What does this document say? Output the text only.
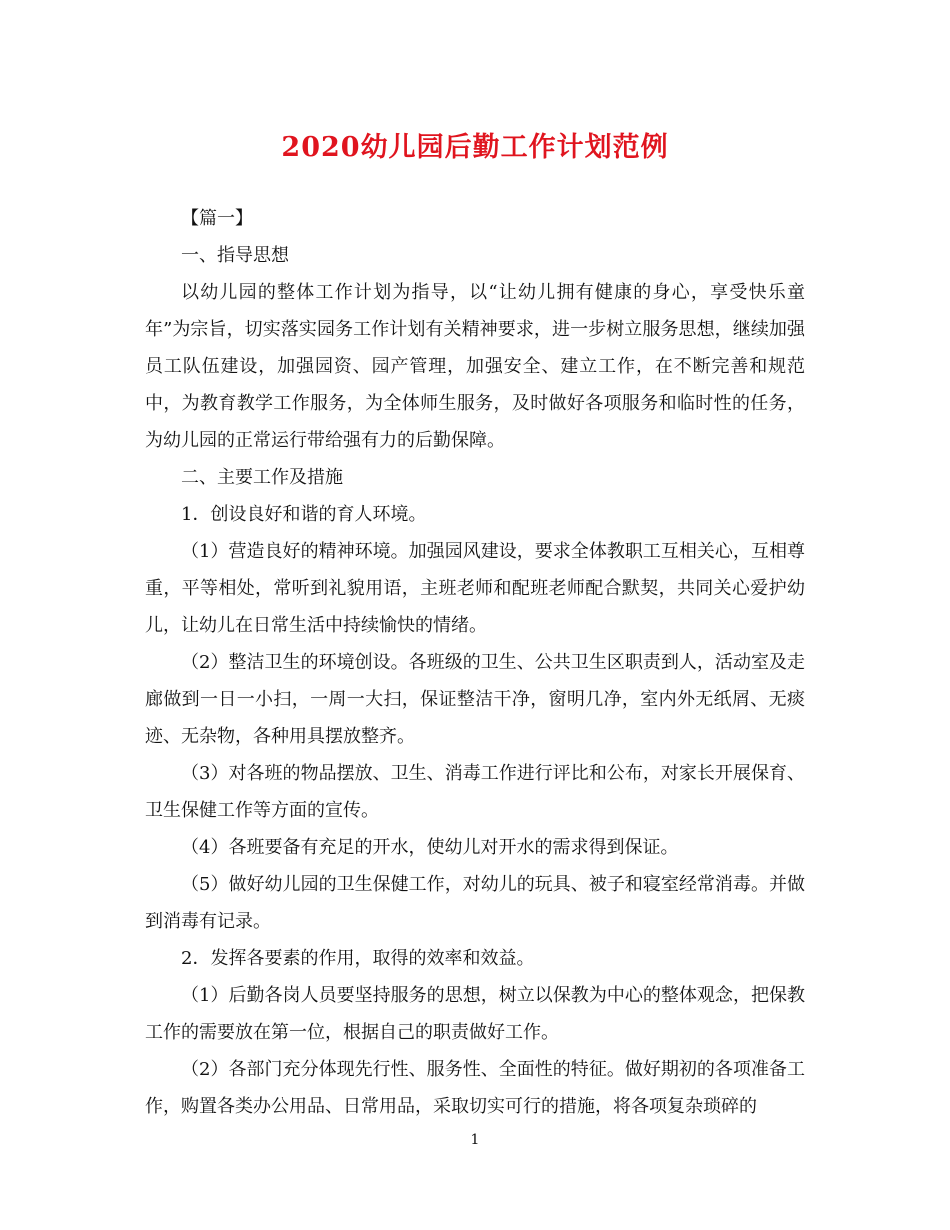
2020幼儿园后勤工作计划范例

【篇一】

一、指导思想

以幼儿园的整体工作计划为指导，以“让幼儿拥有健康的身心，享受快乐童年”为宗旨，切实落实园务工作计划有关精神要求，进一步树立服务思想，继续加强员工队伍建设，加强园资、园产管理，加强安全、建立工作，在不断完善和规范中，为教育教学工作服务，为全体师生服务，及时做好各项服务和临时性的任务，为幼儿园的正常运行带给强有力的后勤保障。

二、主要工作及措施

1．创设良好和谐的育人环境。

（1）营造良好的精神环境。加强园风建设，要求全体教职工互相关心，互相尊重，平等相处，常听到礼貌用语，主班老师和配班老师配合默契，共同关心爱护幼儿，让幼儿在日常生活中持续愉快的情绪。

（2）整洁卫生的环境创设。各班级的卫生、公共卫生区职责到人，活动室及走廊做到一日一小扫，一周一大扫，保证整洁干净，窗明几净，室内外无纸屑、无痰迹、无杂物，各种用具摆放整齐。

（3）对各班的物品摆放、卫生、消毒工作进行评比和公布，对家长开展保育、卫生保健工作等方面的宣传。

（4）各班要备有充足的开水，使幼儿对开水的需求得到保证。

（5）做好幼儿园的卫生保健工作，对幼儿的玩具、被子和寝室经常消毒。并做到消毒有记录。

2．发挥各要素的作用，取得的效率和效益。

（1）后勤各岗人员要坚持服务的思想，树立以保教为中心的整体观念，把保教工作的需要放在第一位，根据自己的职责做好工作。

（2）各部门充分体现先行性、服务性、全面性的特征。做好期初的各项准备工作，购置各类办公用品、日常用品，采取切实可行的措施，将各项复杂琐碎的

1
